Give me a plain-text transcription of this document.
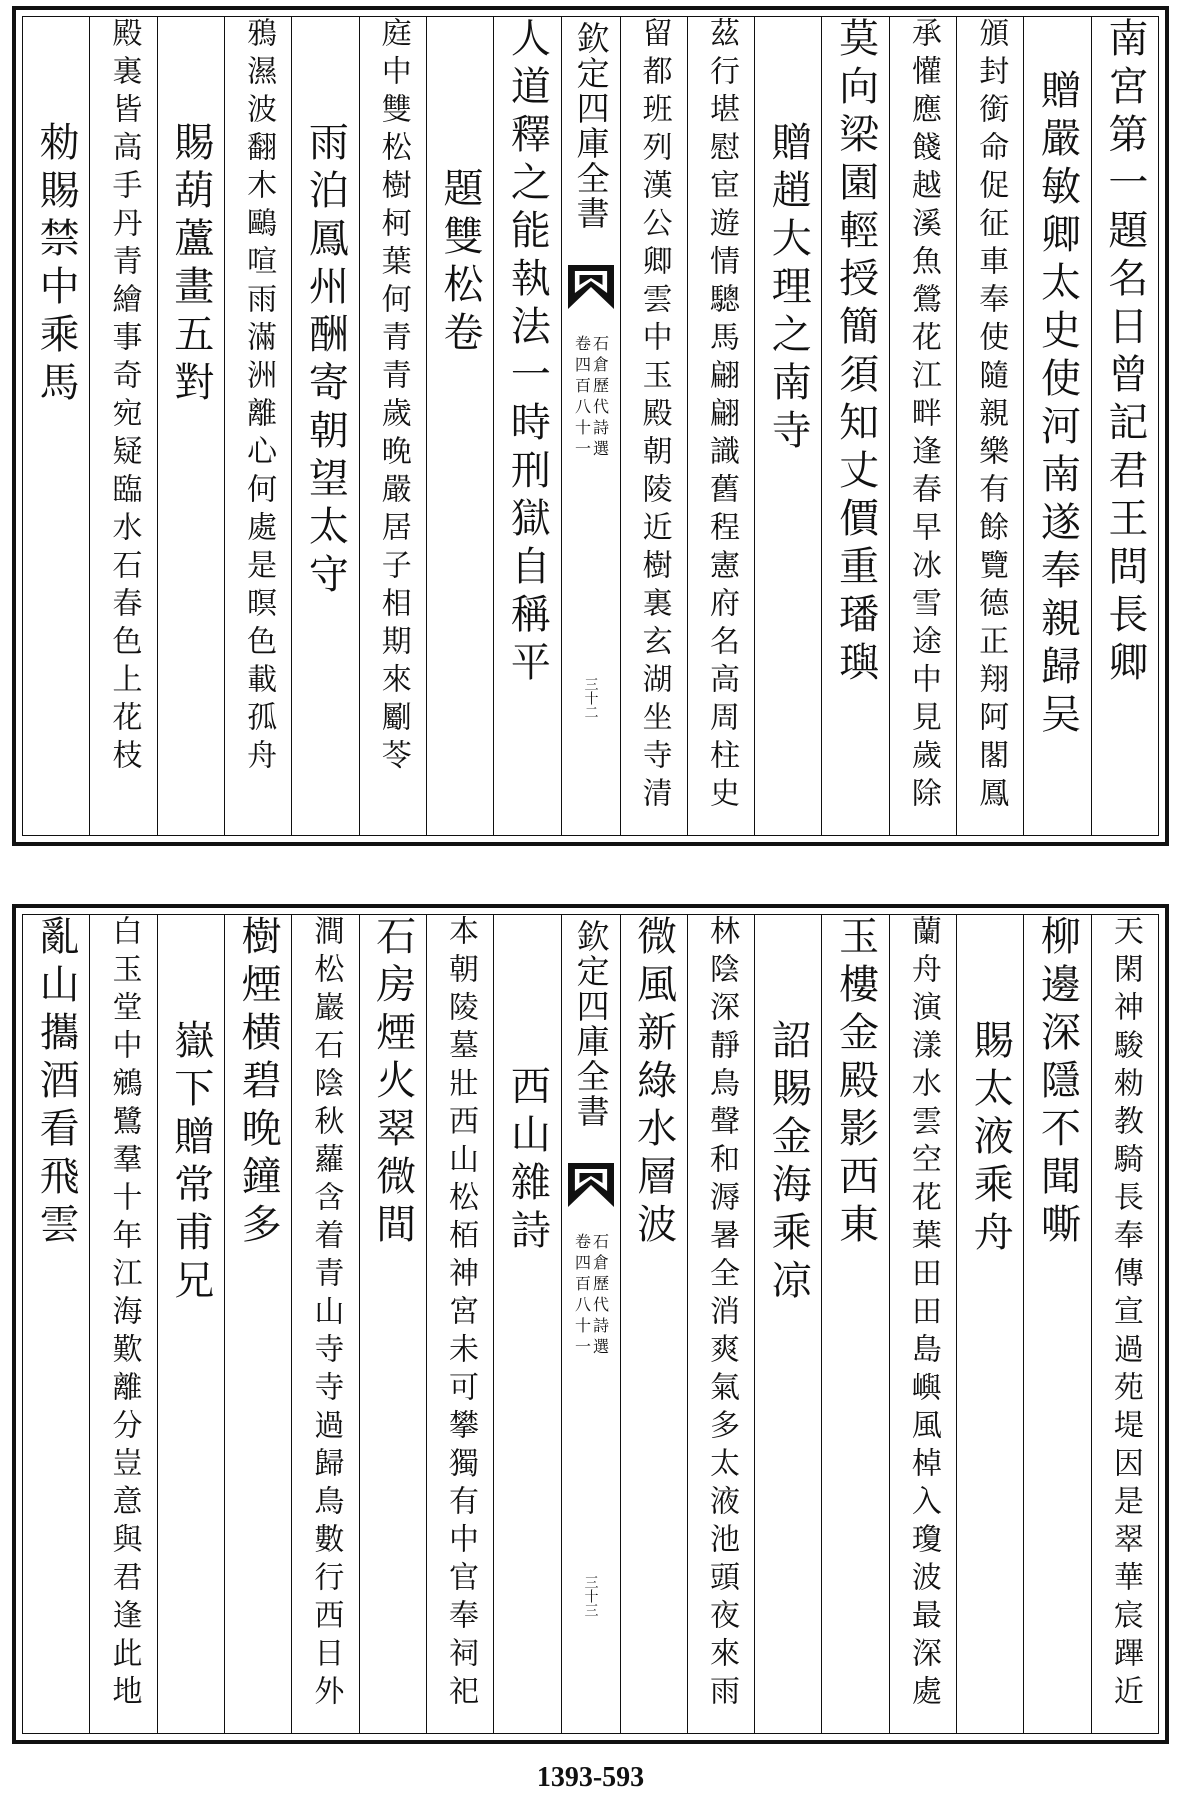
南宮第一題名日曾記君王問長卿
贈嚴敏卿太史使河南遂奉親歸吴
頒封銜命促征車奉使隨親樂有餘覽德正翔阿閣鳳
承懽應餞越溪魚鶯花江畔逢春早冰雪途中見歲除
莫向梁園輕授簡須知丈價重璠璵
贈趙大理之南寺
茲行堪慰宦遊情驄馬翩翩識舊程憲府名高周柱史
留都班列漢公卿雲中玉殿朝陵近樹裏玄湖坐寺清
欽定四庫全書
卷四百八十一 石倉歷代詩選
三十二
人道釋之能執法一時刑獄自稱平
題雙松卷
庭中雙松樹柯葉何青青歲晚嚴居子相期來劚苓
雨泊鳳州酬寄朝望太守
鴉濕波翻木鷗喧雨滿洲離心何處是暝色載孤舟
賜葫蘆畫五對
殿裏皆高手丹青繪事奇宛疑臨水石春色上花枝
勑賜禁中乘馬
天閑神駿勑教騎長奉傳宣過苑堤因是翠華宸蹕近
柳邊深隱不聞嘶
賜太液乘舟
蘭舟演漾水雲空花葉田田島嶼風棹入瓊波最深處
玉樓金殿影西東
詔賜金海乘凉
林陰深靜鳥聲和溽暑全消爽氣多太液池頭夜來雨
微風新綠水層波
欽定四庫全書
卷四百八十一 石倉歷代詩選
三十三
西山雜詩
本朝陵墓壯西山松栢神宮未可攀獨有中官奉祠祀
石房煙火翠微間
澗松巖石陰秋蘿含着青山寺寺過歸鳥數行西日外
樹煙横碧晚鐘多
嶽下贈常甫兄
白玉堂中鵷鷺羣十年江海歎離分豈意與君逢此地
亂山攜酒看飛雲
1393-593
